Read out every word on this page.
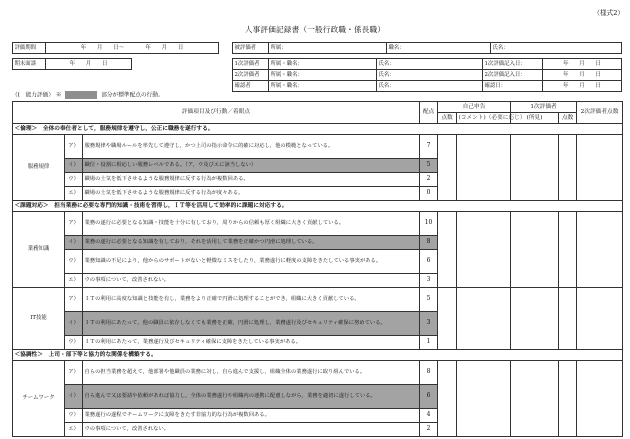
（様式2）
人事評価記録書（一般行政職・係長職）
評価期間	年　　月　　日〜　　　　年　　月　　日
期末面談	年　　月　　日
被評価者	所属：	職名：	氏名：
1次評価者	所属・職名：	氏名：	1次評価記入日：	年　　月　　日
2次評価者	所属・職名：	氏名：	2次評価記入日：	年　　月　　日
確認者	所属・職名：	氏名：	確認日：	年　　月　　日
（Ⅰ　能力評価） ※	部分が標準配点の行動。
評価項目及び行動／着眼点			配点	自己申告		1次評価者		2次評価者点数
				点数	(コメント)（必要に応じ）	(所見)	点数	
＜倫理＞　全体の奉仕者として，服務規律を遵守し，公正に職務を遂行する。								
服務規律	ア）	服務規律や職場ルールを率先して遵守し，かつ上司の指示命令に的確に対応し，他の模範となっている。	7					
	イ）	職位・役割に相応しい服務レベルである。（ア，ウ及びエに該当しない）	5					
	ウ）	職場の士気を低下させるような服務規律に反する行為が複数回ある。	2					
	エ）	職場の士気を低下させるような服務規律に反する行為が度々ある。	0					
＜課題対応＞　担当業務に必要な専門的知識・技術を習得し，ＩＴ等を活用して効率的に課題に対応する。								
業務知識	ア）	業務の遂行に必要となる知識・技能を十分に有しており，周りからの信頼も厚く組織に大きく貢献している。	10					
	イ）	業務の遂行に必要となる知識を有しており，それを活用して業務を正確かつ円滑に処理している。	8					
	ウ）	業務知識の不足により，他からのサポートがないと軽微なミスをしたり，業務遂行に軽度の支障をきたしている事実がある。	6					
	エ）	ウの事項について，改善されない。	3					
IT技能	ア）	ＩＴの利用に高度な知識と技能を有し，業務をより正確で円滑に処理することができ，組織に大きく貢献している。	5					
	イ）	ＩＴの利用にあたって，他の職員に依存しなくても業務を正確，円滑に処理し，業務遂行及びセキュリティ確保に努めている。	3					
	ウ）	ＩＴの利用にあたって，業務遂行及びセキュリティ確保に支障をきたしている事実がある。	1					
＜協調性＞　上司・部下等と協力的な関係を構築する。								
チームワーク	ア）	自らの担当業務を超えて，他部署や他職員の業務に対し，自ら進んで支援し，組織全体の業務遂行に取り組んでいる。	8					
	イ）	自ら進んで又は要請や依頼があれば協力し，全体の業務遂行や組織内の連携に配慮しながら，業務を適切に遂行している。	6					
	ウ）	業務遂行の遂程でチームワークに支障をきたす非協力的な行為が複数回ある。	4					
	エ）	ウの事項について，改善されない。	2					
